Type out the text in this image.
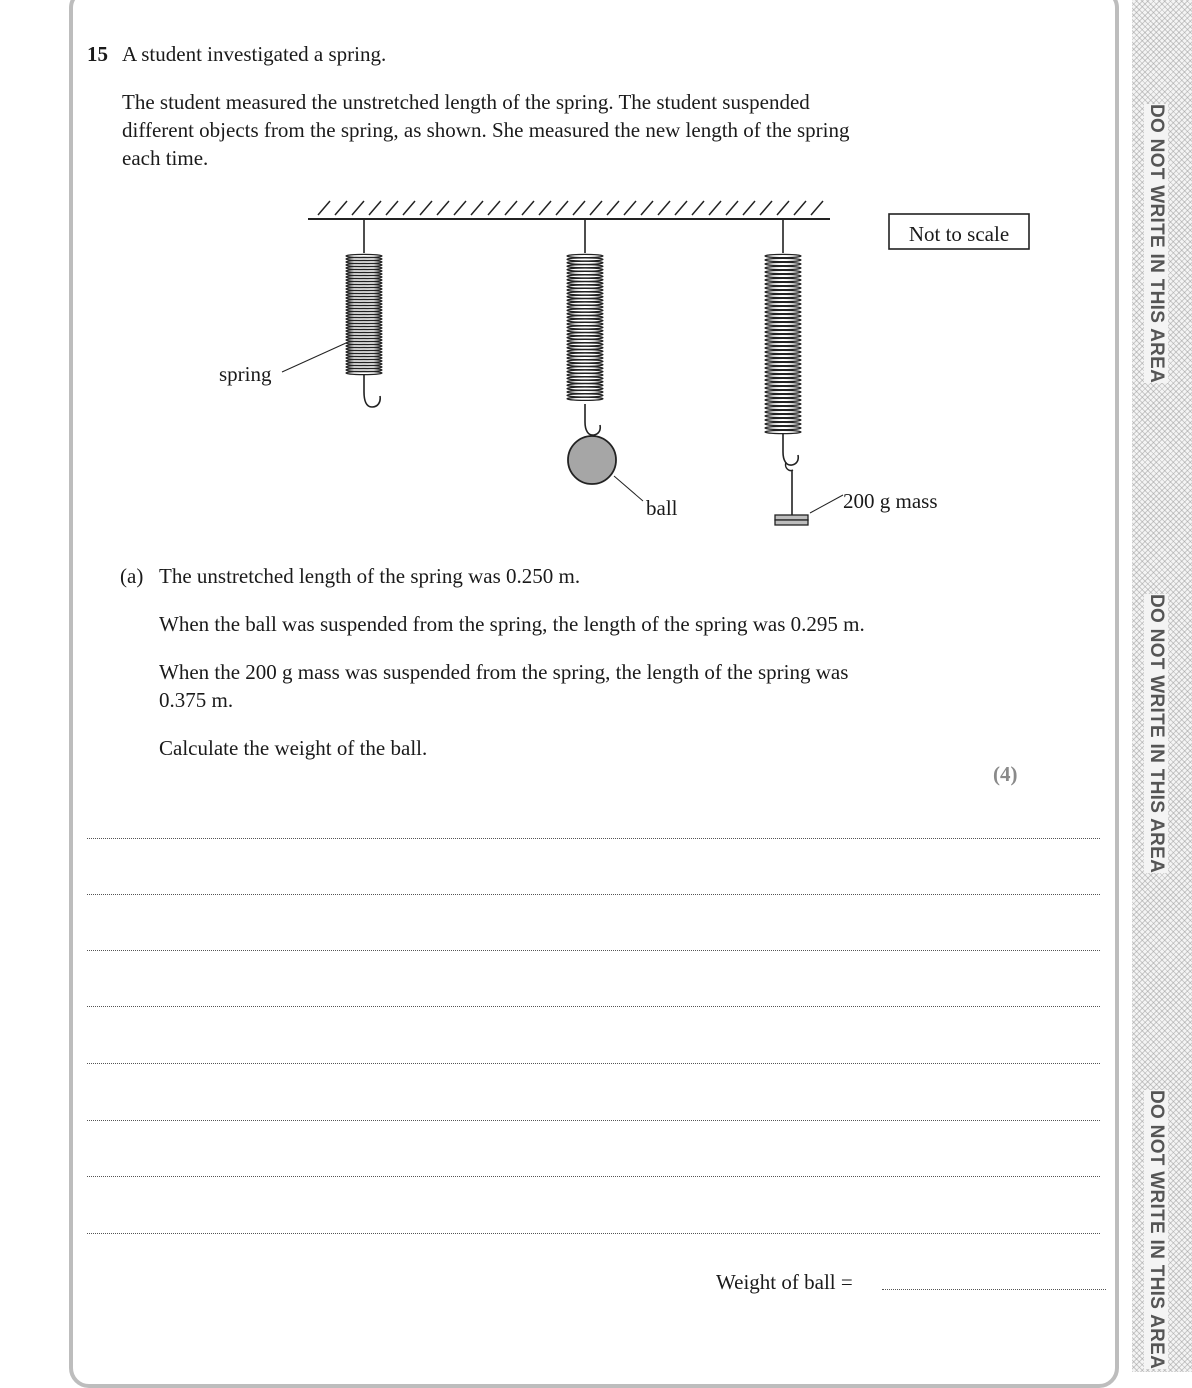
DO NOT WRITE IN THIS AREA
DO NOT WRITE IN THIS AREA
DO NOT WRITE IN THIS AREA
15 A student investigated a spring.
The student measured the unstretched length of the spring. The student suspended
different objects from the spring, as shown. She measured the new length of the spring
each time.
Not to scale
spring
ball	200 g mass
(a) The unstretched length of the spring was 0.250 m.
When the ball was suspended from the spring, the length of the spring was 0.295 m.
When the 200 g mass was suspended from the spring, the length of the spring was
0.375 m.
Calculate the weight of the ball.
(4)
Weight of ball =
